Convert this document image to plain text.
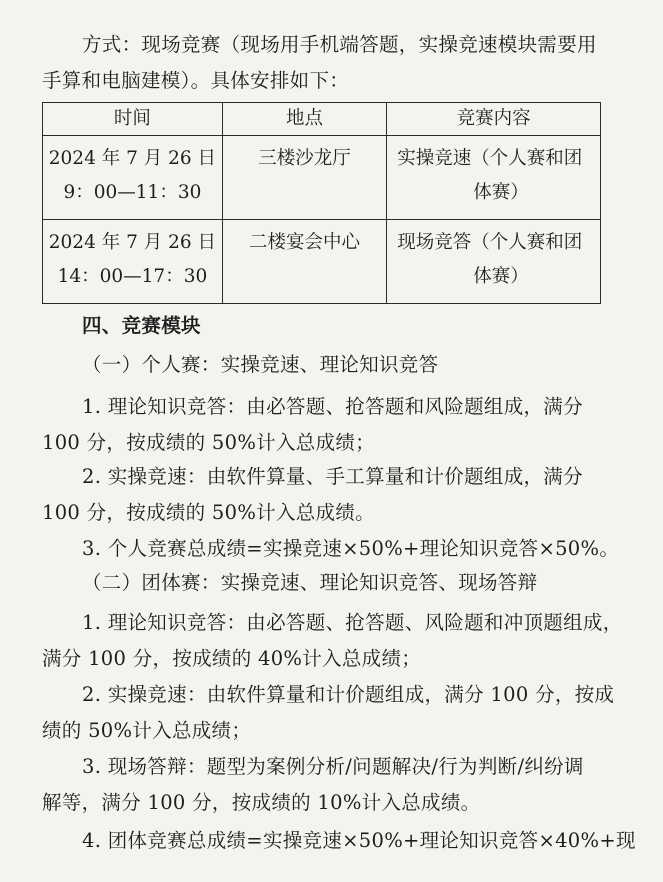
方式：现场竞赛（现场用手机端答题，实操竞速模块需要用
手算和电脑建模）。具体安排如下：
时间	地点	竞赛内容

2024 年 7 月 26 日
9：00—11：30	三楼沙龙厅	实操竞速（个人赛和团
体赛）

2024 年 7 月 26 日
14：00—17：30	二楼宴会中心	现场竞答（个人赛和团
体赛）
四、竞赛模块
（一）个人赛：实操竞速、理论知识竞答
1. 理论知识竞答：由必答题、抢答题和风险题组成，满分
100 分，按成绩的 50%计入总成绩；
2. 实操竞速：由软件算量、手工算量和计价题组成，满分
100 分，按成绩的 50%计入总成绩。
3. 个人竞赛总成绩=实操竞速×50%+理论知识竞答×50%。
（二）团体赛：实操竞速、理论知识竞答、现场答辩
1. 理论知识竞答：由必答题、抢答题、风险题和冲顶题组成，
满分 100 分，按成绩的 40%计入总成绩；
2. 实操竞速：由软件算量和计价题组成，满分 100 分，按成
绩的 50%计入总成绩；
3. 现场答辩：题型为案例分析/问题解决/行为判断/纠纷调
解等，满分 100 分，按成绩的 10%计入总成绩。
4. 团体竞赛总成绩=实操竞速×50%+理论知识竞答×40%+现
